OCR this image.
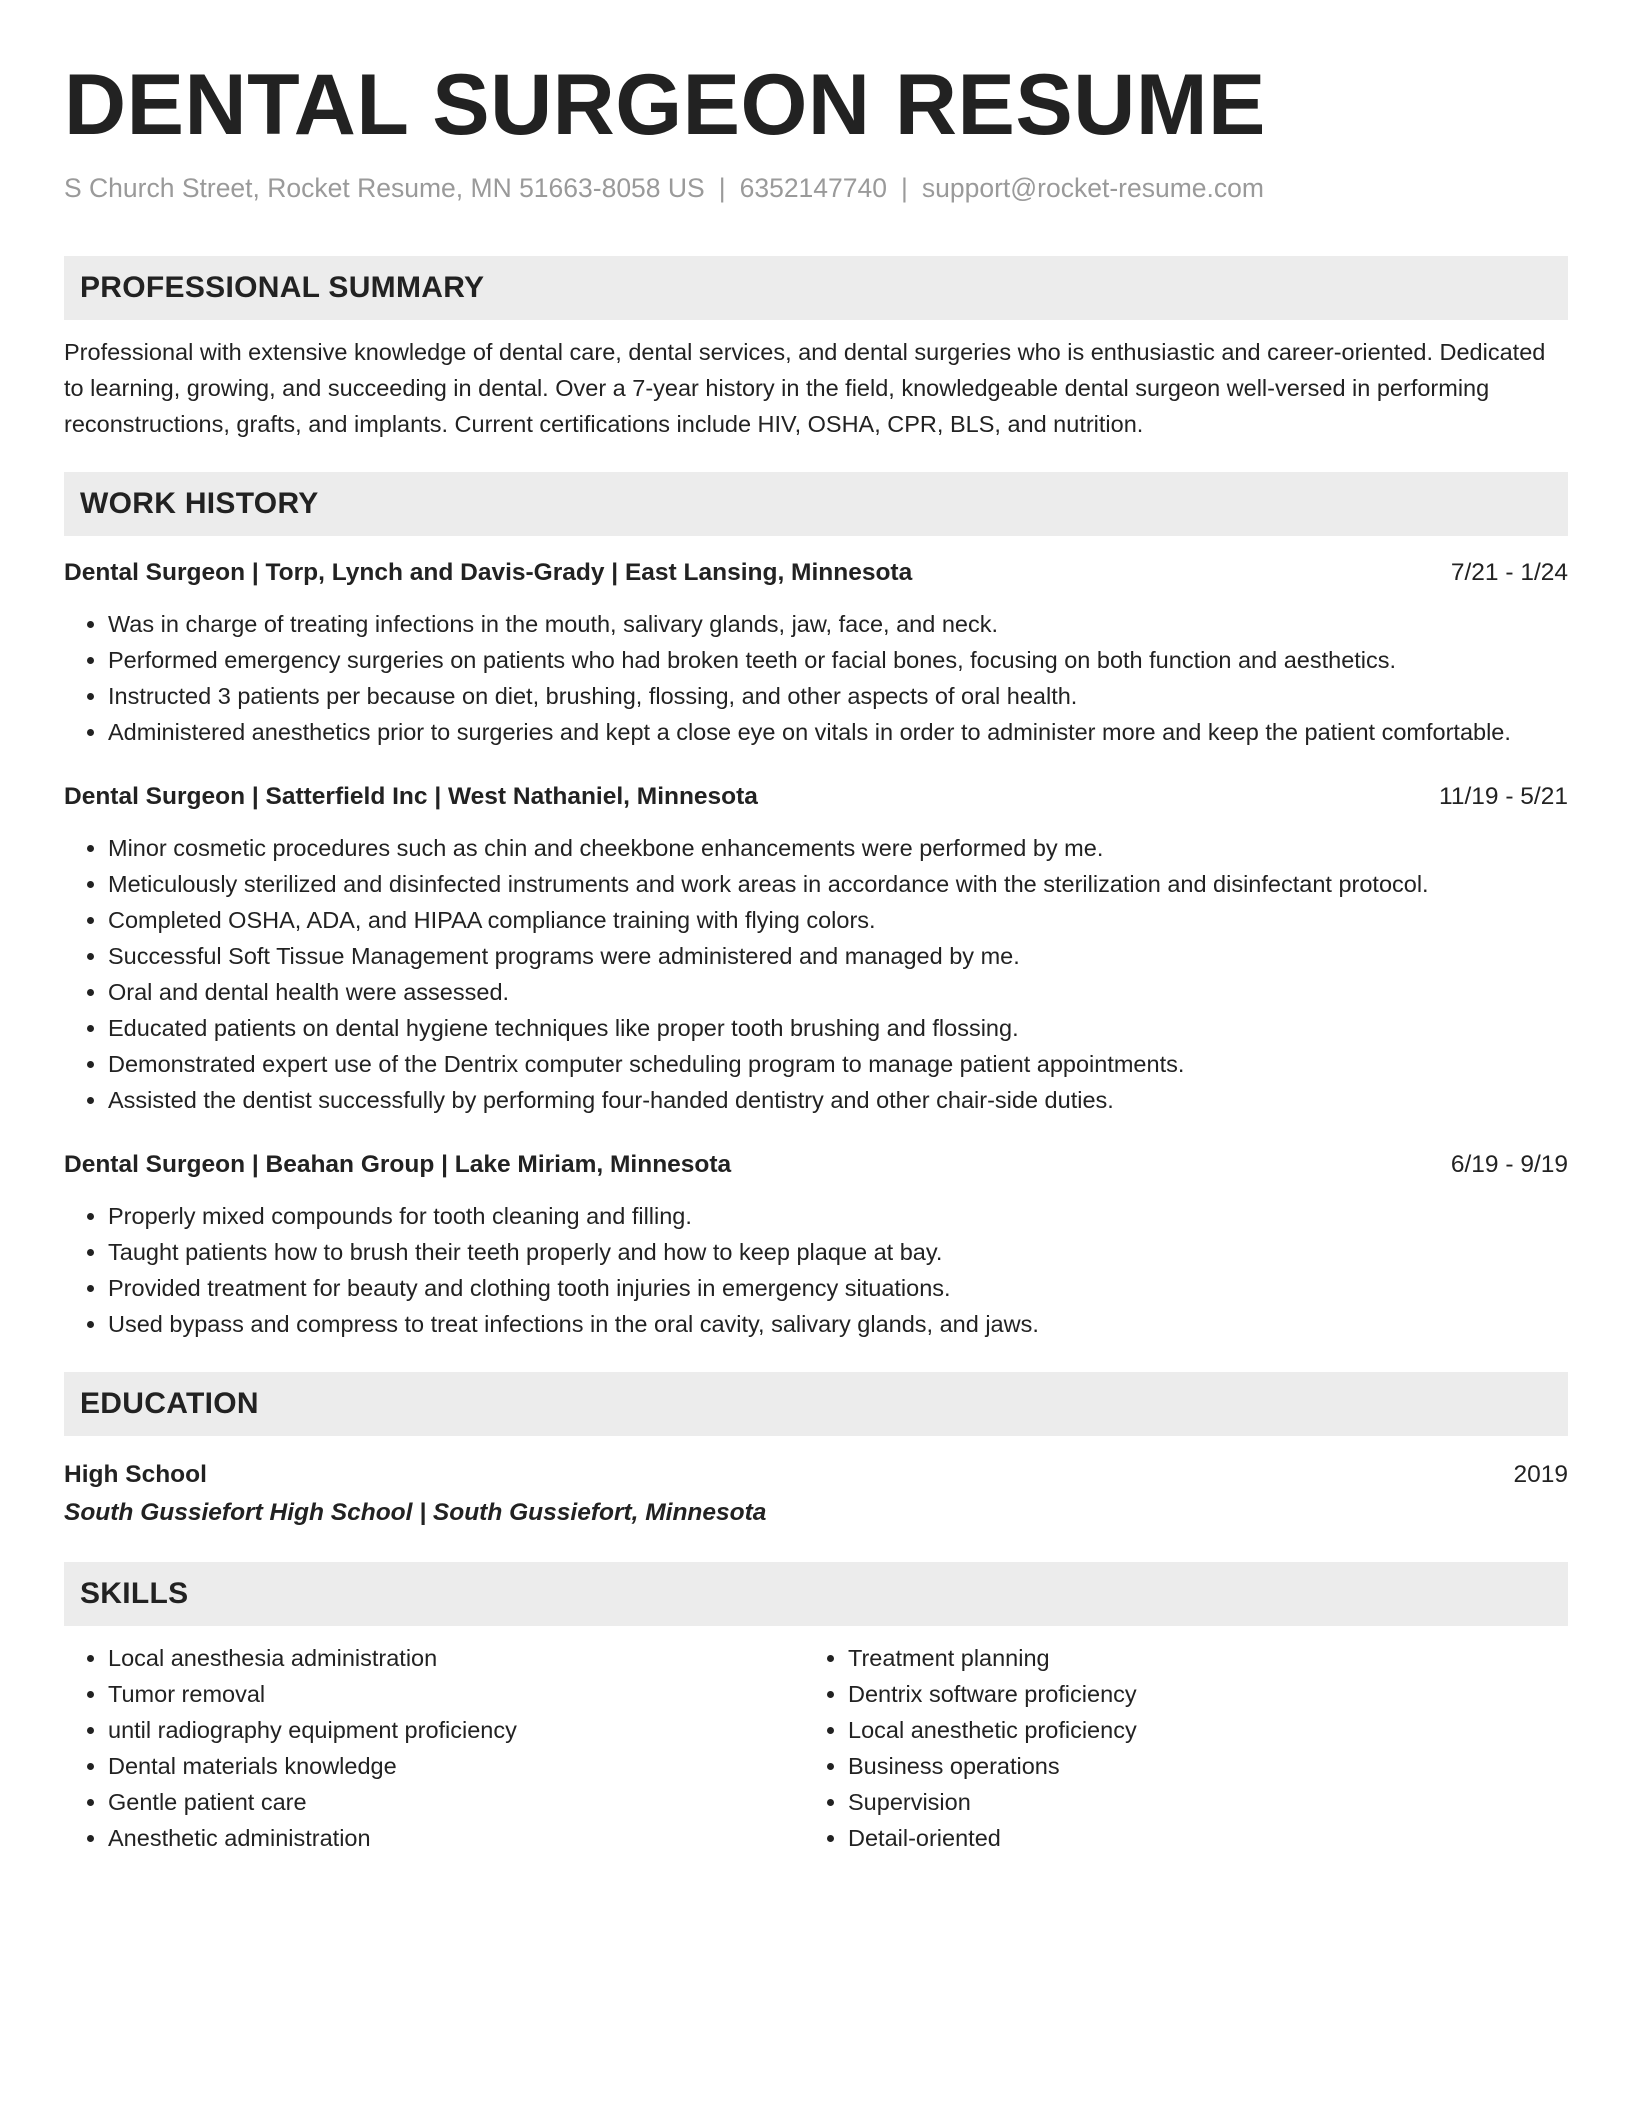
DENTAL SURGEON RESUME
S Church Street, Rocket Resume, MN 51663-8058 US | 6352147740 | support@rocket-resume.com
PROFESSIONAL SUMMARY
Professional with extensive knowledge of dental care, dental services, and dental surgeries who is enthusiastic and career-oriented. Dedicated to learning, growing, and succeeding in dental. Over a 7-year history in the field, knowledgeable dental surgeon well-versed in performing reconstructions, grafts, and implants. Current certifications include HIV, OSHA, CPR, BLS, and nutrition.
WORK HISTORY
Dental Surgeon | Torp, Lynch and Davis-Grady | East Lansing, Minnesota	7/21 - 1/24
• Was in charge of treating infections in the mouth, salivary glands, jaw, face, and neck.
• Performed emergency surgeries on patients who had broken teeth or facial bones, focusing on both function and aesthetics.
• Instructed 3 patients per because on diet, brushing, flossing, and other aspects of oral health.
• Administered anesthetics prior to surgeries and kept a close eye on vitals in order to administer more and keep the patient comfortable.
Dental Surgeon | Satterfield Inc | West Nathaniel, Minnesota	11/19 - 5/21
• Minor cosmetic procedures such as chin and cheekbone enhancements were performed by me.
• Meticulously sterilized and disinfected instruments and work areas in accordance with the sterilization and disinfectant protocol.
• Completed OSHA, ADA, and HIPAA compliance training with flying colors.
• Successful Soft Tissue Management programs were administered and managed by me.
• Oral and dental health were assessed.
• Educated patients on dental hygiene techniques like proper tooth brushing and flossing.
• Demonstrated expert use of the Dentrix computer scheduling program to manage patient appointments.
• Assisted the dentist successfully by performing four-handed dentistry and other chair-side duties.
Dental Surgeon | Beahan Group | Lake Miriam, Minnesota	6/19 - 9/19
• Properly mixed compounds for tooth cleaning and filling.
• Taught patients how to brush their teeth properly and how to keep plaque at bay.
• Provided treatment for beauty and clothing tooth injuries in emergency situations.
• Used bypass and compress to treat infections in the oral cavity, salivary glands, and jaws.
EDUCATION
High School	2019
South Gussiefort High School | South Gussiefort, Minnesota
SKILLS
• Local anesthesia administration
• Tumor removal
• until radiography equipment proficiency
• Dental materials knowledge
• Gentle patient care
• Anesthetic administration
• Treatment planning
• Dentrix software proficiency
• Local anesthetic proficiency
• Business operations
• Supervision
• Detail-oriented
